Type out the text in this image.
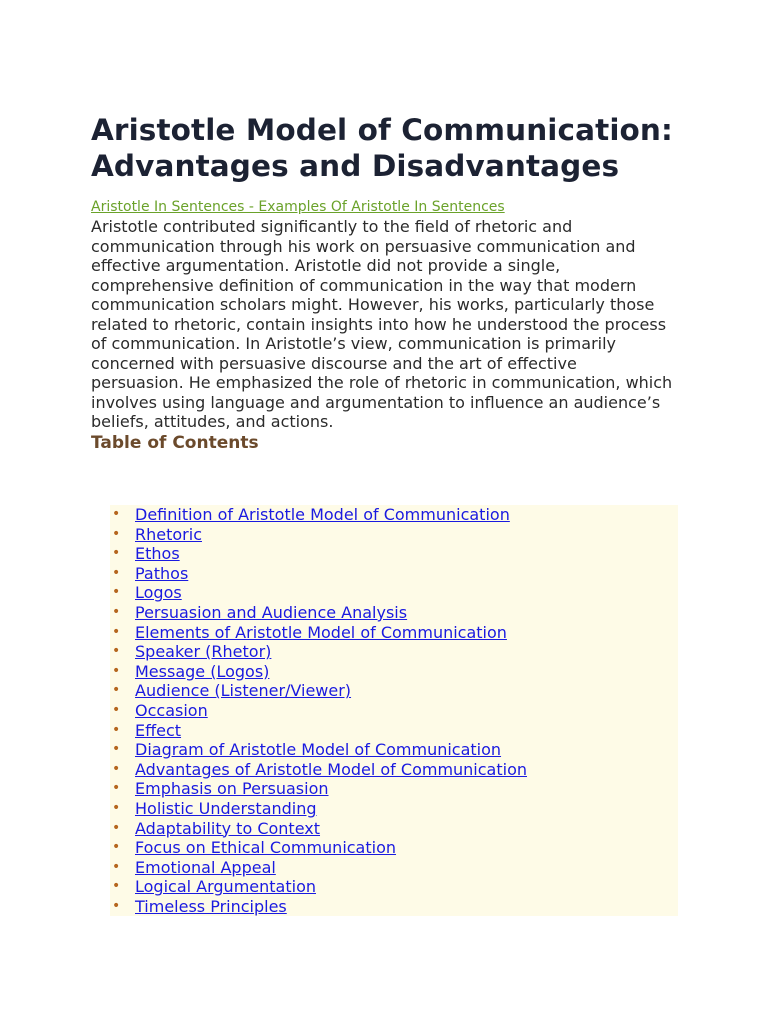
Aristotle Model of Communication: Advantages and Disadvantages
Aristotle In Sentences - Examples Of Aristotle In Sentences

Aristotle contributed significantly to the field of rhetoric and communication through his work on persuasive communication and effective argumentation. Aristotle did not provide a single, comprehensive definition of communication in the way that modern communication scholars might. However, his works, particularly those related to rhetoric, contain insights into how he understood the process of communication. In Aristotle’s view, communication is primarily concerned with persuasive discourse and the art of effective persuasion. He emphasized the role of rhetoric in communication, which involves using language and argumentation to influence an audience’s beliefs, attitudes, and actions.

Table of Contents
• Definition of Aristotle Model of Communication
• Rhetoric
• Ethos
• Pathos
• Logos
• Persuasion and Audience Analysis
• Elements of Aristotle Model of Communication
• Speaker (Rhetor)
• Message (Logos)
• Audience (Listener/Viewer)
• Occasion
• Effect
• Diagram of Aristotle Model of Communication
• Advantages of Aristotle Model of Communication
• Emphasis on Persuasion
• Holistic Understanding
• Adaptability to Context
• Focus on Ethical Communication
• Emotional Appeal
• Logical Argumentation
• Timeless Principles
